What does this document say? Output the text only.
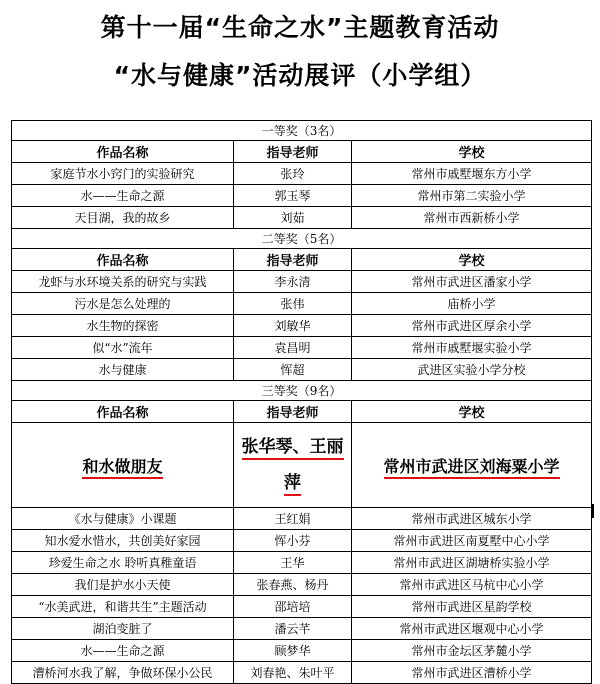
第十一届“生命之水”主题教育活动
“水与健康”活动展评（小学组）
一等奖（3名）		
作品名称	指导老师	学校
家庭节水小窍门的实验研究	张玲	常州市戚墅堰东方小学
水——生命之源	郭玉琴	常州市第二实验小学
天目湖，我的故乡	刘茹	常州市西新桥小学
二等奖（5名）		
作品名称	指导老师	学校
龙虾与水环境关系的研究与实践	李永清	常州市武进区潘家小学
污水是怎么处理的	张伟	庙桥小学
水生物的探密	刘敏华	常州市武进区厚余小学
似“水”流年	袁昌明	常州市戚墅堰实验小学
水与健康	恽超	武进区实验小学分校
三等奖（9名）		
作品名称	指导老师	学校
和水做朋友	张华琴、王丽萍	常州市武进区刘海粟小学
《水与健康》小课题	王红娟	常州市武进区城东小学
知水爱水惜水，共创美好家园	恽小芬	常州市武进区南夏墅中心小学
珍爱生命之水 聆听真稚童语	王华	常州市武进区湖塘桥实验小学
我们是护水小天使	张春燕、杨丹	常州市武进区马杭中心小学
“水美武进，和谐共生”主题活动	邵培培	常州市武进区星韵学校
湖泊变脏了	潘云芊	常州市武进区堰观中心小学
水——生命之源	顾梦华	常州市金坛区茅麓小学
漕桥河水我了解，争做环保小公民	刘春艳、朱叶平	常州市武进区漕桥小学
